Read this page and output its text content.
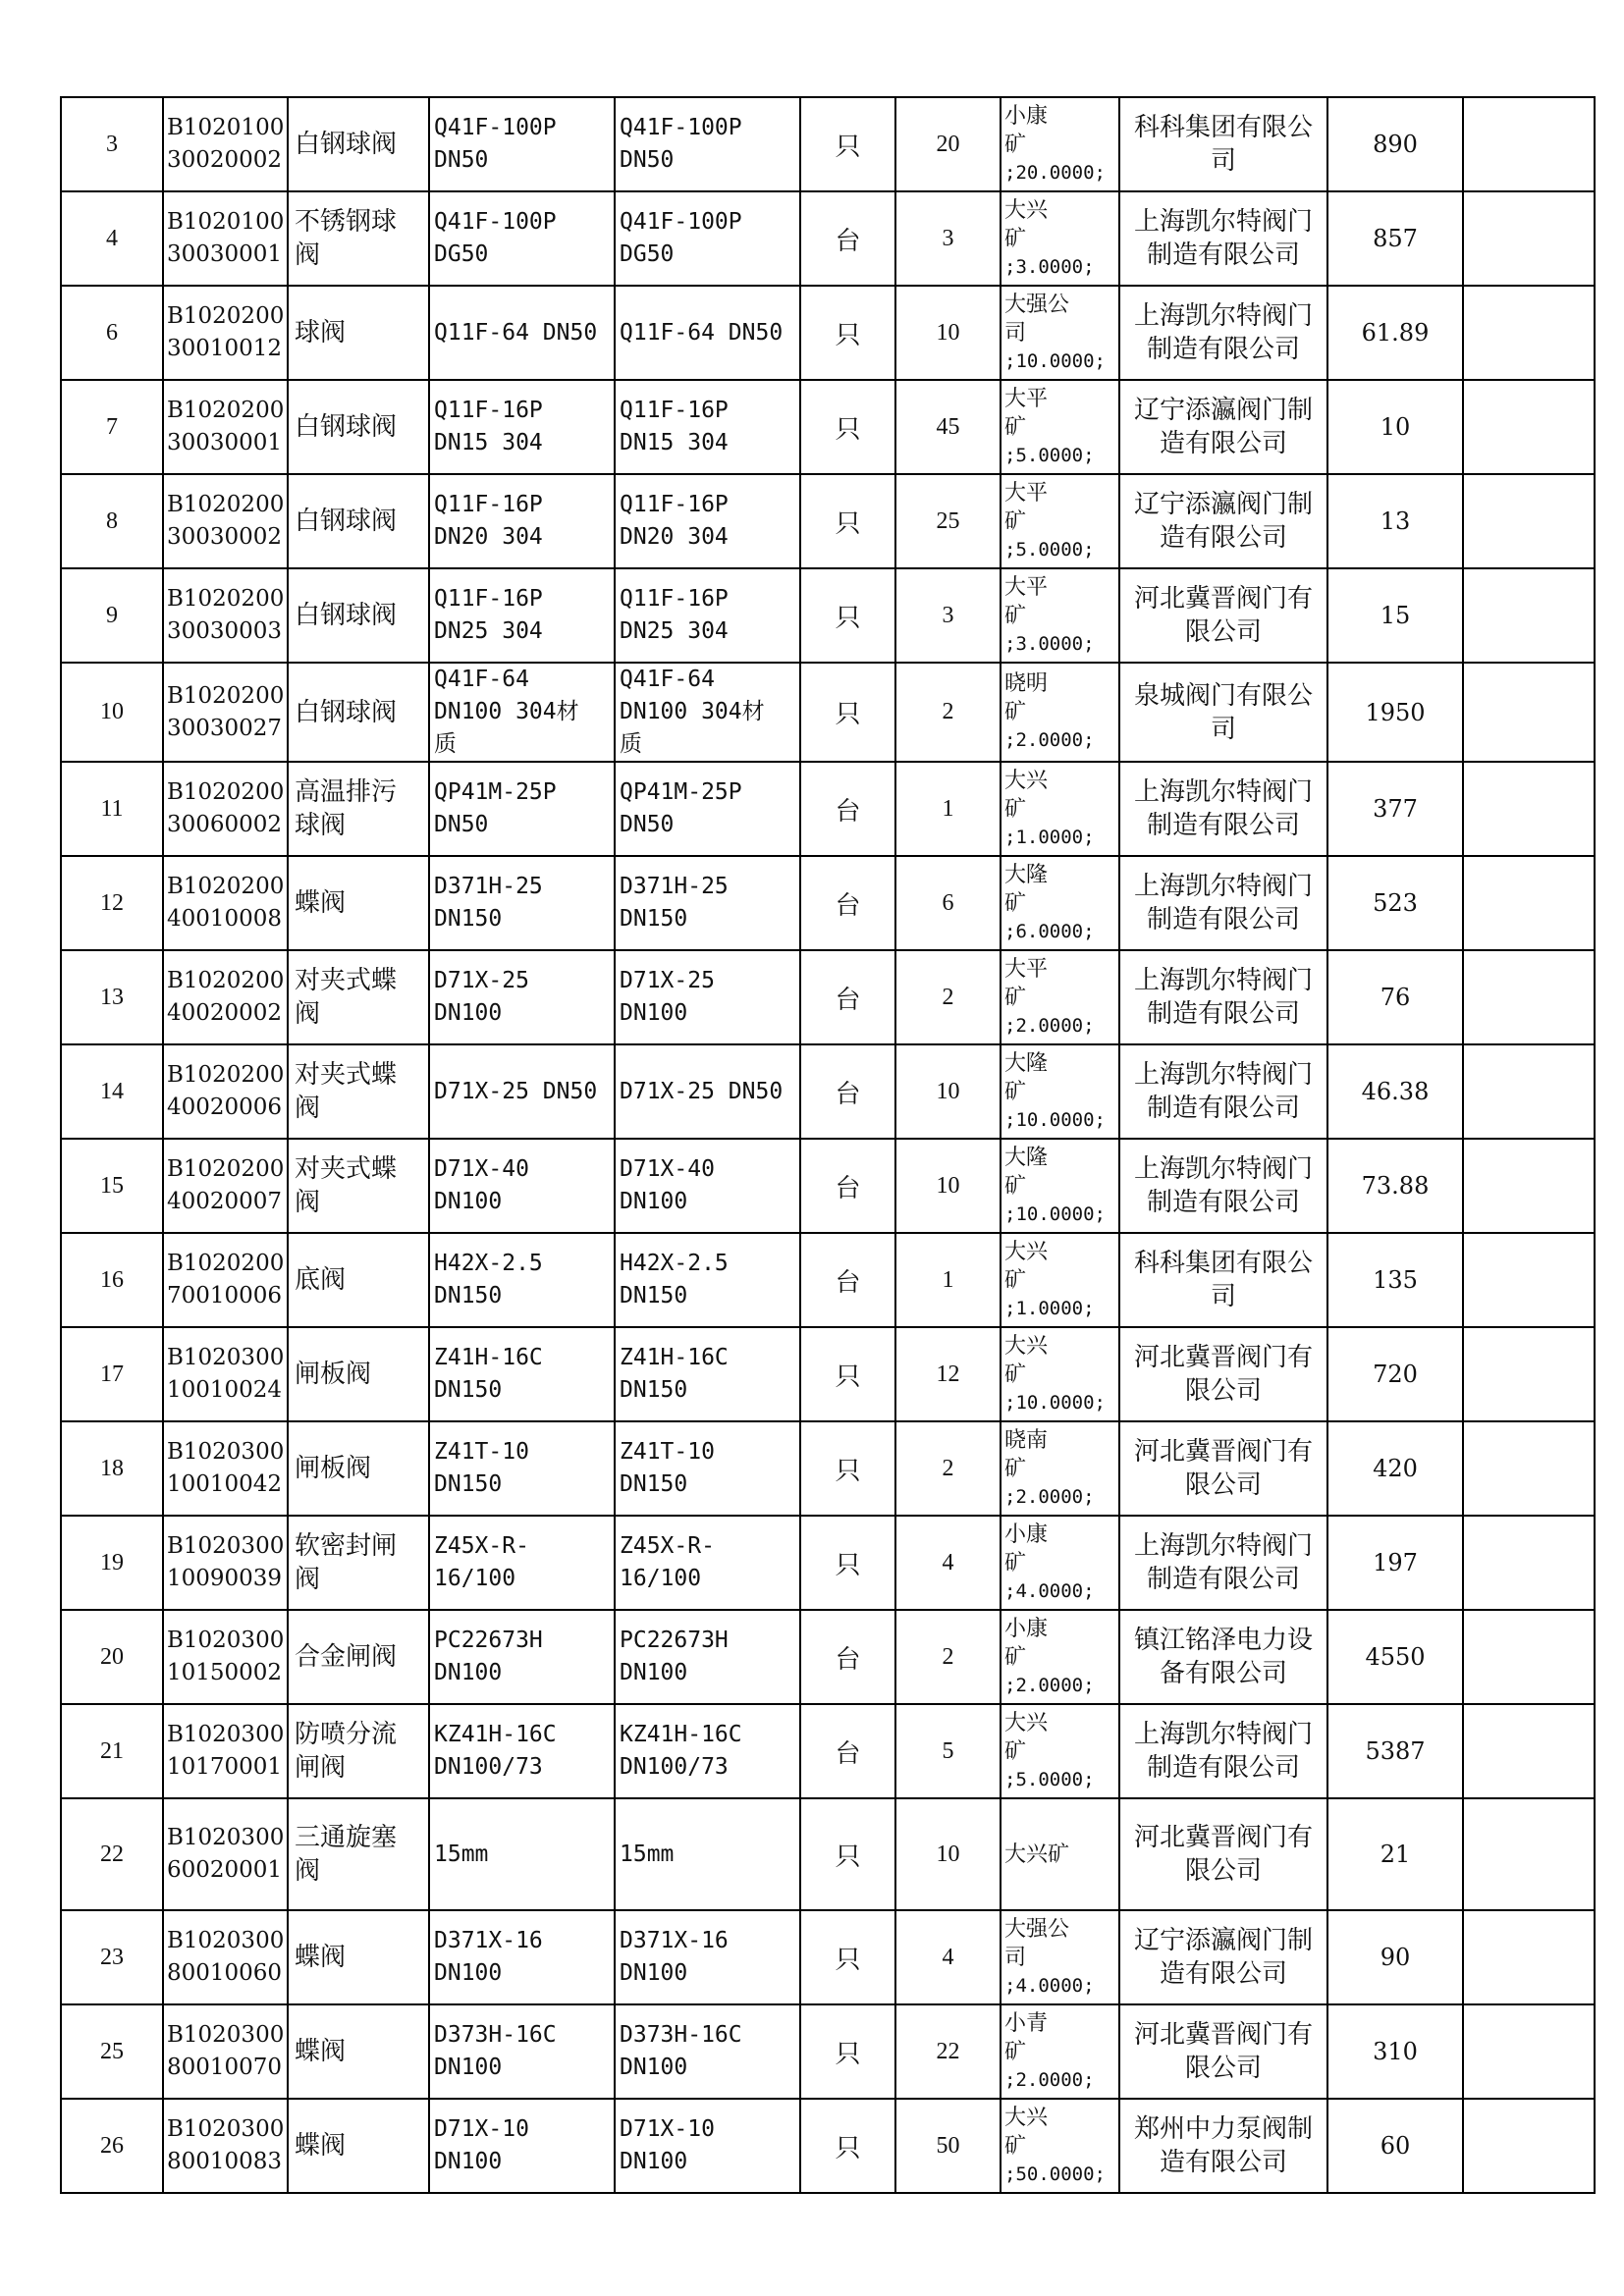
3	B1020100
30020002	白钢球阀	Q41F-100P
DN50	Q41F-100P
DN50	只	20	小康
矿
;20.0000;	科科集团有限公
司	890	
4	B1020100
30030001	不锈钢球
阀	Q41F-100P
DG50	Q41F-100P
DG50	台	3	大兴
矿
;3.0000;	上海凯尔特阀门
制造有限公司	857	
6	B1020200
30010012	球阀	Q11F-64 DN50	Q11F-64 DN50	只	10	大强公
司
;10.0000;	上海凯尔特阀门
制造有限公司	61.89	
7	B1020200
30030001	白钢球阀	Q11F-16P
DN15 304	Q11F-16P
DN15 304	只	45	大平
矿
;5.0000;	辽宁添瀛阀门制
造有限公司	10	
8	B1020200
30030002	白钢球阀	Q11F-16P
DN20 304	Q11F-16P
DN20 304	只	25	大平
矿
;5.0000;	辽宁添瀛阀门制
造有限公司	13	
9	B1020200
30030003	白钢球阀	Q11F-16P
DN25 304	Q11F-16P
DN25 304	只	3	大平
矿
;3.0000;	河北冀晋阀门有
限公司	15	
10	B1020200
30030027	白钢球阀	Q41F-64
DN100 304材
质	Q41F-64
DN100 304材
质	只	2	晓明
矿
;2.0000;	泉城阀门有限公
司	1950	
11	B1020200
30060002	高温排污
球阀	QP41M-25P
DN50	QP41M-25P
DN50	台	1	大兴
矿
;1.0000;	上海凯尔特阀门
制造有限公司	377	
12	B1020200
40010008	蝶阀	D371H-25
DN150	D371H-25
DN150	台	6	大隆
矿
;6.0000;	上海凯尔特阀门
制造有限公司	523	
13	B1020200
40020002	对夹式蝶
阀	D71X-25
DN100	D71X-25
DN100	台	2	大平
矿
;2.0000;	上海凯尔特阀门
制造有限公司	76	
14	B1020200
40020006	对夹式蝶
阀	D71X-25 DN50	D71X-25 DN50	台	10	大隆
矿
;10.0000;	上海凯尔特阀门
制造有限公司	46.38	
15	B1020200
40020007	对夹式蝶
阀	D71X-40
DN100	D71X-40
DN100	台	10	大隆
矿
;10.0000;	上海凯尔特阀门
制造有限公司	73.88	
16	B1020200
70010006	底阀	H42X-2.5
DN150	H42X-2.5
DN150	台	1	大兴
矿
;1.0000;	科科集团有限公
司	135	
17	B1020300
10010024	闸板阀	Z41H-16C
DN150	Z41H-16C
DN150	只	12	大兴
矿
;10.0000;	河北冀晋阀门有
限公司	720	
18	B1020300
10010042	闸板阀	Z41T-10
DN150	Z41T-10
DN150	只	2	晓南
矿
;2.0000;	河北冀晋阀门有
限公司	420	
19	B1020300
10090039	软密封闸
阀	Z45X-R-
16/100	Z45X-R-
16/100	只	4	小康
矿
;4.0000;	上海凯尔特阀门
制造有限公司	197	
20	B1020300
10150002	合金闸阀	PC22673H
DN100	PC22673H
DN100	台	2	小康
矿
;2.0000;	镇江铭泽电力设
备有限公司	4550	
21	B1020300
10170001	防喷分流
闸阀	KZ41H-16C
DN100/73	KZ41H-16C
DN100/73	台	5	大兴
矿
;5.0000;	上海凯尔特阀门
制造有限公司	5387	
22	B1020300
60020001	三通旋塞
阀	15mm	15mm	只	10	大兴矿	河北冀晋阀门有
限公司	21	
23	B1020300
80010060	蝶阀	D371X-16
DN100	D371X-16
DN100	只	4	大强公
司
;4.0000;	辽宁添瀛阀门制
造有限公司	90	
25	B1020300
80010070	蝶阀	D373H-16C
DN100	D373H-16C
DN100	只	22	小青
矿
;2.0000;	河北冀晋阀门有
限公司	310	
26	B1020300
80010083	蝶阀	D71X-10
DN100	D71X-10
DN100	只	50	大兴
矿
;50.0000;	郑州中力泵阀制
造有限公司	60	
